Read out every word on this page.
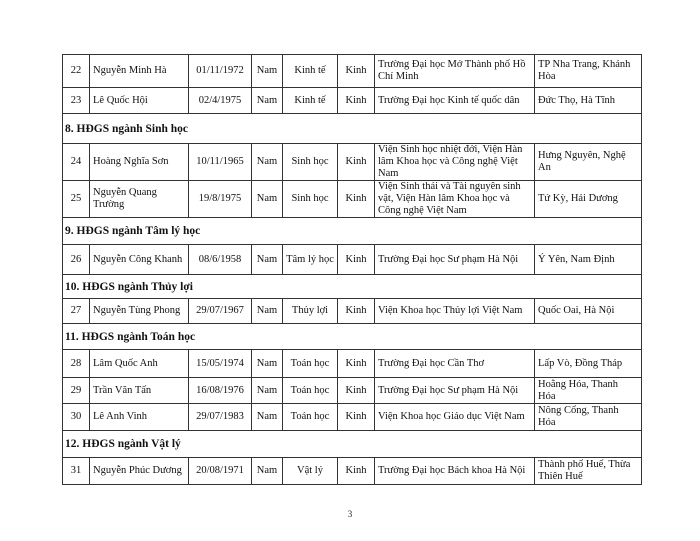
22	Nguyễn Minh Hà	01/11/1972	Nam	Kinh tế	Kinh	Trường Đại học Mở Thành phố Hồ Chí Minh	TP Nha Trang, Khánh Hòa
23	Lê Quốc Hội	02/4/1975	Nam	Kinh tế	Kinh	Trường Đại học Kinh tế quốc dân	Đức Thọ, Hà Tĩnh
8. HĐGS ngành Sinh học							
24	Hoàng Nghĩa Sơn	10/11/1965	Nam	Sinh học	Kinh	Viện Sinh học nhiệt đới, Viện Hàn lâm Khoa học và Công nghệ Việt Nam	Hưng Nguyên, Nghệ An
25	Nguyễn Quang Trường	19/8/1975	Nam	Sinh học	Kinh	Viện Sinh thái và Tài nguyên sinh vật, Viện Hàn lâm Khoa học và Công nghệ Việt Nam	Tứ Kỳ, Hải Dương
9. HĐGS ngành Tâm lý học							
26	Nguyễn Công Khanh	08/6/1958	Nam	Tâm lý học	Kinh	Trường Đại học Sư phạm Hà Nội	Ý Yên, Nam Định
10. HĐGS ngành Thủy lợi							
27	Nguyễn Tùng Phong	29/07/1967	Nam	Thủy lợi	Kinh	Viện Khoa học Thủy lợi Việt Nam	Quốc Oai, Hà Nội
11. HĐGS ngành Toán học							
28	Lâm Quốc Anh	15/05/1974	Nam	Toán học	Kinh	Trường Đại học Cần Thơ	Lấp Vò, Đồng Tháp
29	Trần Văn Tấn	16/08/1976	Nam	Toán học	Kinh	Trường Đại học Sư phạm Hà Nội	Hoằng Hóa, Thanh Hóa
30	Lê Anh Vinh	29/07/1983	Nam	Toán học	Kinh	Viện Khoa học Giáo dục Việt Nam	Nông Cống, Thanh Hóa
12. HĐGS ngành Vật lý							
31	Nguyễn Phúc Dương	20/08/1971	Nam	Vật lý	Kinh	Trường Đại học Bách khoa Hà Nội	Thành phố Huế, Thừa Thiên Huế
3
